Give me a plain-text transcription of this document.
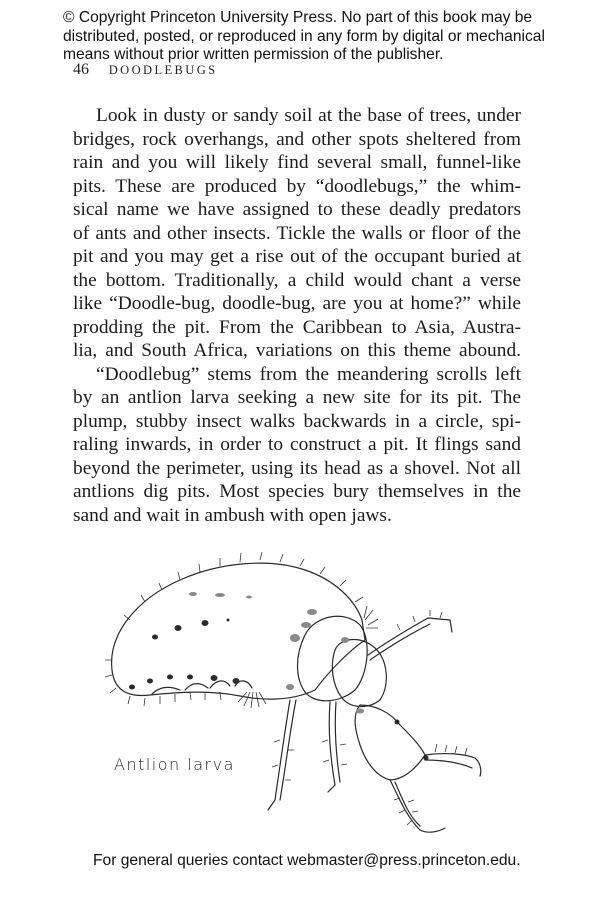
© Copyright Princeton University Press. No part of this book may be
distributed, posted, or reproduced in any form by digital or mechanical
means without prior written permission of the publisher.
46 DOODLEBUGS
Look in dusty or sandy soil at the base of trees, under
bridges, rock overhangs, and other spots sheltered from
rain and you will likely find several small, funnel-like
pits. These are produced by “doodlebugs,” the whim-
sical name we have assigned to these deadly predators
of ants and other insects. Tickle the walls or floor of the
pit and you may get a rise out of the occupant buried at
the bottom. Traditionally, a child would chant a verse
like “Doodle-bug, doodle-bug, are you at home?” while
prodding the pit. From the Caribbean to Asia, Austra-
lia, and South Africa, variations on this theme abound.
“Doodlebug” stems from the meandering scrolls left
by an antlion larva seeking a new site for its pit. The
plump, stubby insect walks backwards in a circle, spi-
raling inwards, in order to construct a pit. It flings sand
beyond the perimeter, using its head as a shovel. Not all
antlions dig pits. Most species bury themselves in the
sand and wait in ambush with open jaws.
Antlion larva
For general queries contact webmaster@press.princeton.edu.
